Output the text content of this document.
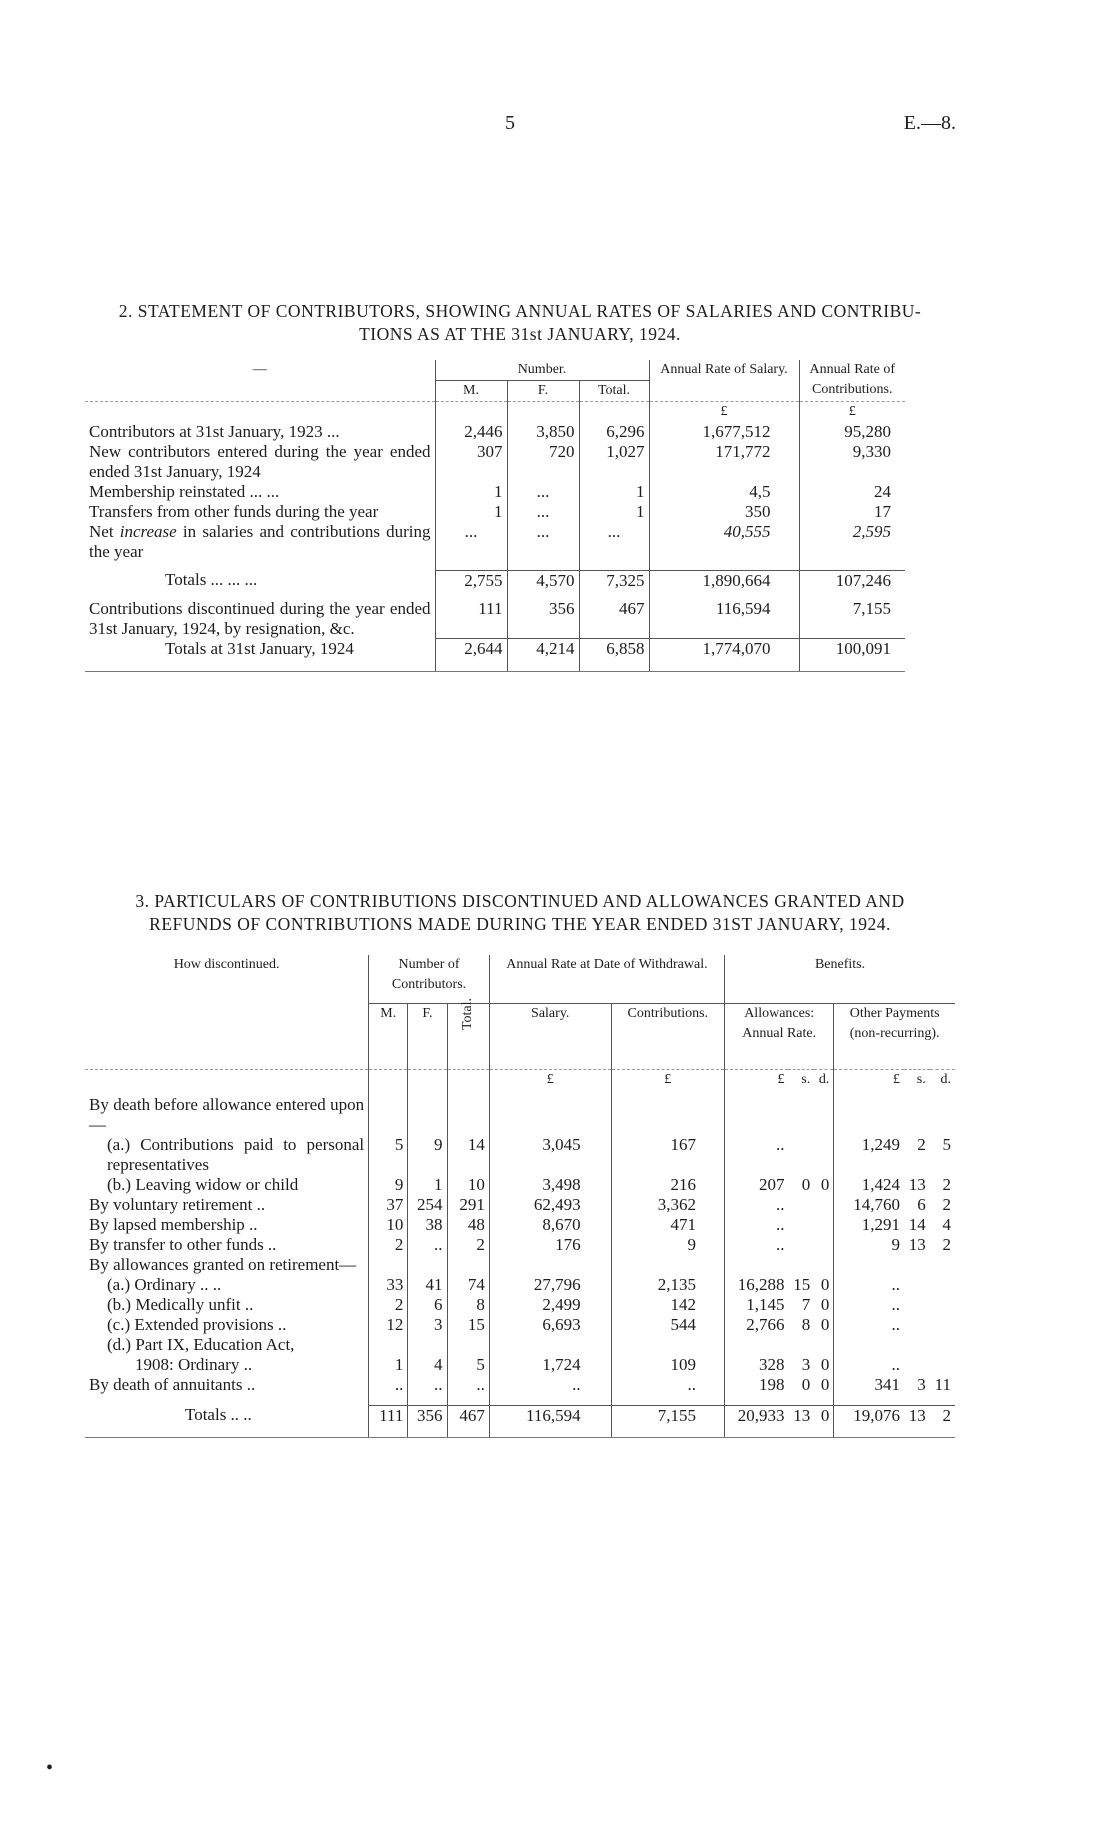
5	E.—8.
2. STATEMENT OF CONTRIBUTORS, SHOWING ANNUAL RATES OF SALARIES AND CONTRIBU-
TIONS AS AT THE 31st JANUARY, 1924.
—	Number.			Annual Rate of Salary.	Annual Rate of Contributions.
	M.	F.	Total.		
				£	£
Contributors at 31st January, 1923 ...	2,446	3,850	6,296	1,677,512	95,280
New contributors entered during the year ended ended 31st January, 1924	307	720	1,027	171,772	9,330
Membership reinstated ... ...	1	...	1	4,5	24
Transfers from other funds during the year	1	...	1	350	17
Net increase in salaries and contributions during the year	...	...	...	40,555	2,595

Totals ... ... ...	2,755	4,570	7,325	1,890,664	107,246

Contributions discontinued during the year ended 31st January, 1924, by resignation, &c.	111	356	467	116,594	7,155
Totals at 31st January, 1924	2,644	4,214	6,858	1,774,070	100,091
3. PARTICULARS OF CONTRIBUTIONS DISCONTINUED AND ALLOWANCES GRANTED AND
REFUNDS OF CONTRIBUTIONS MADE DURING THE YEAR ENDED 31ST JANUARY, 1924.
How discontinued.	Number of Contributors.			Annual Rate at Date of Withdrawal.		Benefits.					
	M.	F.	Total.	Salary.	Contributions.	Allowances: Annual Rate.			Other Payments (non-recurring).		
				£	£	£	s.	d.	£	s.	d.
By death before allowance entered upon—											
(a.) Contributions paid to personal representatives	5	9	14	3,045	167	..			1,249	2	5
(b.) Leaving widow or child	9	1	10	3,498	216	207	0	0	1,424	13	2
By voluntary retirement ..	37	254	291	62,493	3,362	..			14,760	6	2
By lapsed membership ..	10	38	48	8,670	471	..			1,291	14	4
By transfer to other funds ..	2	..	2	176	9	..			9	13	2
By allowances granted on retirement—											
(a.) Ordinary .. ..	33	41	74	27,796	2,135	16,288	15	0	..		
(b.) Medically unfit ..	2	6	8	2,499	142	1,145	7	0	..		
(c.) Extended provisions ..	12	3	15	6,693	544	2,766	8	0	..		
(d.) Part IX, Education Act,											
1908: Ordinary ..	1	4	5	1,724	109	328	3	0	..		
By death of annuitants ..	..	..	..	..	..	198	0	0	341	3	11

Totals .. ..	111	356	467	116,594	7,155	20,933	13	0	19,076	13	2
•
